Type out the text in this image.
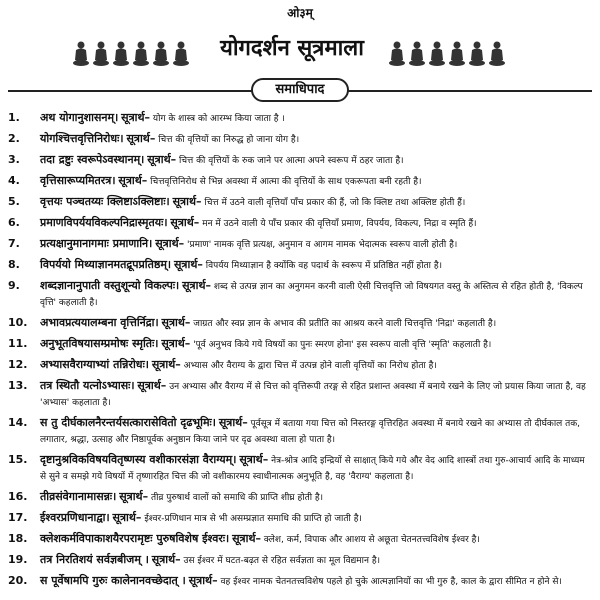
ओ३म्
योगदर्शन सूत्रमाला
समाधिपाद
1.	अथ योगानुशासनम्। सूत्रार्थ– योग के शास्त्र को आरम्भ किया जाता है ।
2.	योगश्चित्तवृत्तिनिरोधः। सूत्रार्थ– चित्त की वृत्तियों का निरुद्ध हो जाना योग है।
3.	तदा द्रष्टुः स्वरूपेऽवस्थानम्। सूत्रार्थ– चित्त की वृत्तियों के रुक जाने पर आत्मा अपने स्वरूप में ठहर जाता है।
4.	वृत्तिसारूप्यमितरत्र। सूत्रार्थ– चित्तवृत्तिनिरोध से भिन्न अवस्था में आत्मा की वृत्तियों के साथ एकरूपता बनी रहती है।
5.	वृत्तयः पञ्चतय्यः क्लिष्टाऽक्लिष्टाः। सूत्रार्थ– चित्त में उठने वाली वृत्तियाँ पाँच प्रकार की हैं, जो कि क्लिष्ट तथा अक्लिष्ट होती हैं।
6.	प्रमाणविपर्ययविकल्पनिद्रास्मृतयः। सूत्रार्थ– मन में उठने वाली ये पाँच प्रकार की वृत्तियाँ प्रमाण, विपर्यय, विकल्प, निद्रा व स्मृति हैं।
7.	प्रत्यक्षानुमानागमाः प्रमाणानि। सूत्रार्थ– 'प्रमाण' नामक वृत्ति प्रत्यक्ष, अनुमान व आगम नामक भेदात्मक स्वरूप वाली होती है।
8.	विपर्ययो मिथ्याज्ञानमतद्रूपप्रतिष्ठम्। सूत्रार्थ– विपर्यय मिथ्याज्ञान है क्योंकि वह पदार्थ के स्वरूप में प्रतिष्ठित नहीं होता है।
9.	शब्दज्ञानानुपाती वस्तुशून्यो विकल्पः। सूत्रार्थ– शब्द से उत्पन्न ज्ञान का अनुगमन करनी वाली ऐसी चित्तवृत्ति जो विषयगत वस्तु के अस्तित्व से रहित होती है, 'विकल्प वृत्ति' कहलाती है।
10.	अभावप्रत्ययालम्बना वृत्तिर्निद्रा। सूत्रार्थ– जाग्रत और स्वप्न ज्ञान के अभाव की प्रतीति का आश्रय करने वाली चित्तवृत्ति 'निद्रा' कहलाती है।
11.	अनुभूतविषयासम्प्रमोषः स्मृतिः। सूत्रार्थ– 'पूर्व अनुभव किये गये विषयों का पुनः स्मरण होना' इस स्वरूप वाली वृत्ति 'स्मृति' कहलाती है।
12.	अभ्यासवैराग्याभ्यां तन्निरोधः। सूत्रार्थ– अभ्यास और वैराग्य के द्वारा चित्त में उत्पन्न होने वाली वृत्तियों का निरोध होता है।
13.	तत्र स्थितौ यत्नोऽभ्यासः। सूत्रार्थ– उन अभ्यास और वैराग्य में से चित्त को वृत्तिरूपी तरङ्ग से रहित प्रशान्त अवस्था में बनाये रखने के लिए जो प्रयास किया जाता है, वह 'अभ्यास' कहलाता है।
14.	स तु दीर्घकालनैरन्तर्यसत्कारासेवितो दृढभूमिः। सूत्रार्थ– पूर्वसूत्र में बताया गया चित्त को निस्तरङ्ग वृत्तिरहित अवस्था में बनाये रखने का अभ्यास तो दीर्घकाल तक, लगातार, श्रद्धा, उत्साह और निष्ठापूर्वक अनुष्ठान किया जाने पर दृढ अवस्था वाला हो पाता है।
15.	दृष्टानुश्रविकविषयवितृष्णस्य वशीकारसंज्ञा वैराग्यम्। सूत्रार्थ– नेत्र-श्रोत्र आदि इन्द्रियों से साक्षात् किये गये और वेद आदि शास्त्रों तथा गुरु-आचार्य आदि के माध्यम से सुने व समझे गये विषयों में तृष्णारहित चित्त की जो वशीकारमय स्वाधीनात्मक अनुभूति है, वह 'वैराग्य' कहलाता है।
16.	तीव्रसंवेगानामासन्नः। सूत्रार्थ– तीव्र पुरुषार्थ वालों को समाधि की प्राप्ति शीघ्र होती है।
17.	ईश्वरप्रणिधानाद्वा। सूत्रार्थ– ईश्वर-प्रणिधान मात्र से भी असम्प्रज्ञात समाधि की प्राप्ति हो जाती है।
18.	क्लेशकर्मविपाकाशयैरपरामृष्टः पुरुषविशेष ईश्वरः। सूत्रार्थ– क्लेश, कर्म, विपाक और आशय से अछूता चेतनतत्त्वविशेष ईश्वर है।
19.	तत्र निरतिशयं सर्वज्ञबीजम् । सूत्रार्थ– उस ईश्वर में घटत-बढ़त से रहित सर्वज्ञता का मूल विद्यमान है।
20.	स पूर्वेषामपि गुरुः कालेनानवच्छेदात् । सूत्रार्थ– वह ईश्वर नामक चेतनतत्त्वविशेष पहले हो चुके आत्मज्ञानियों का भी गुरु है, काल के द्वारा सीमित न होने से।
